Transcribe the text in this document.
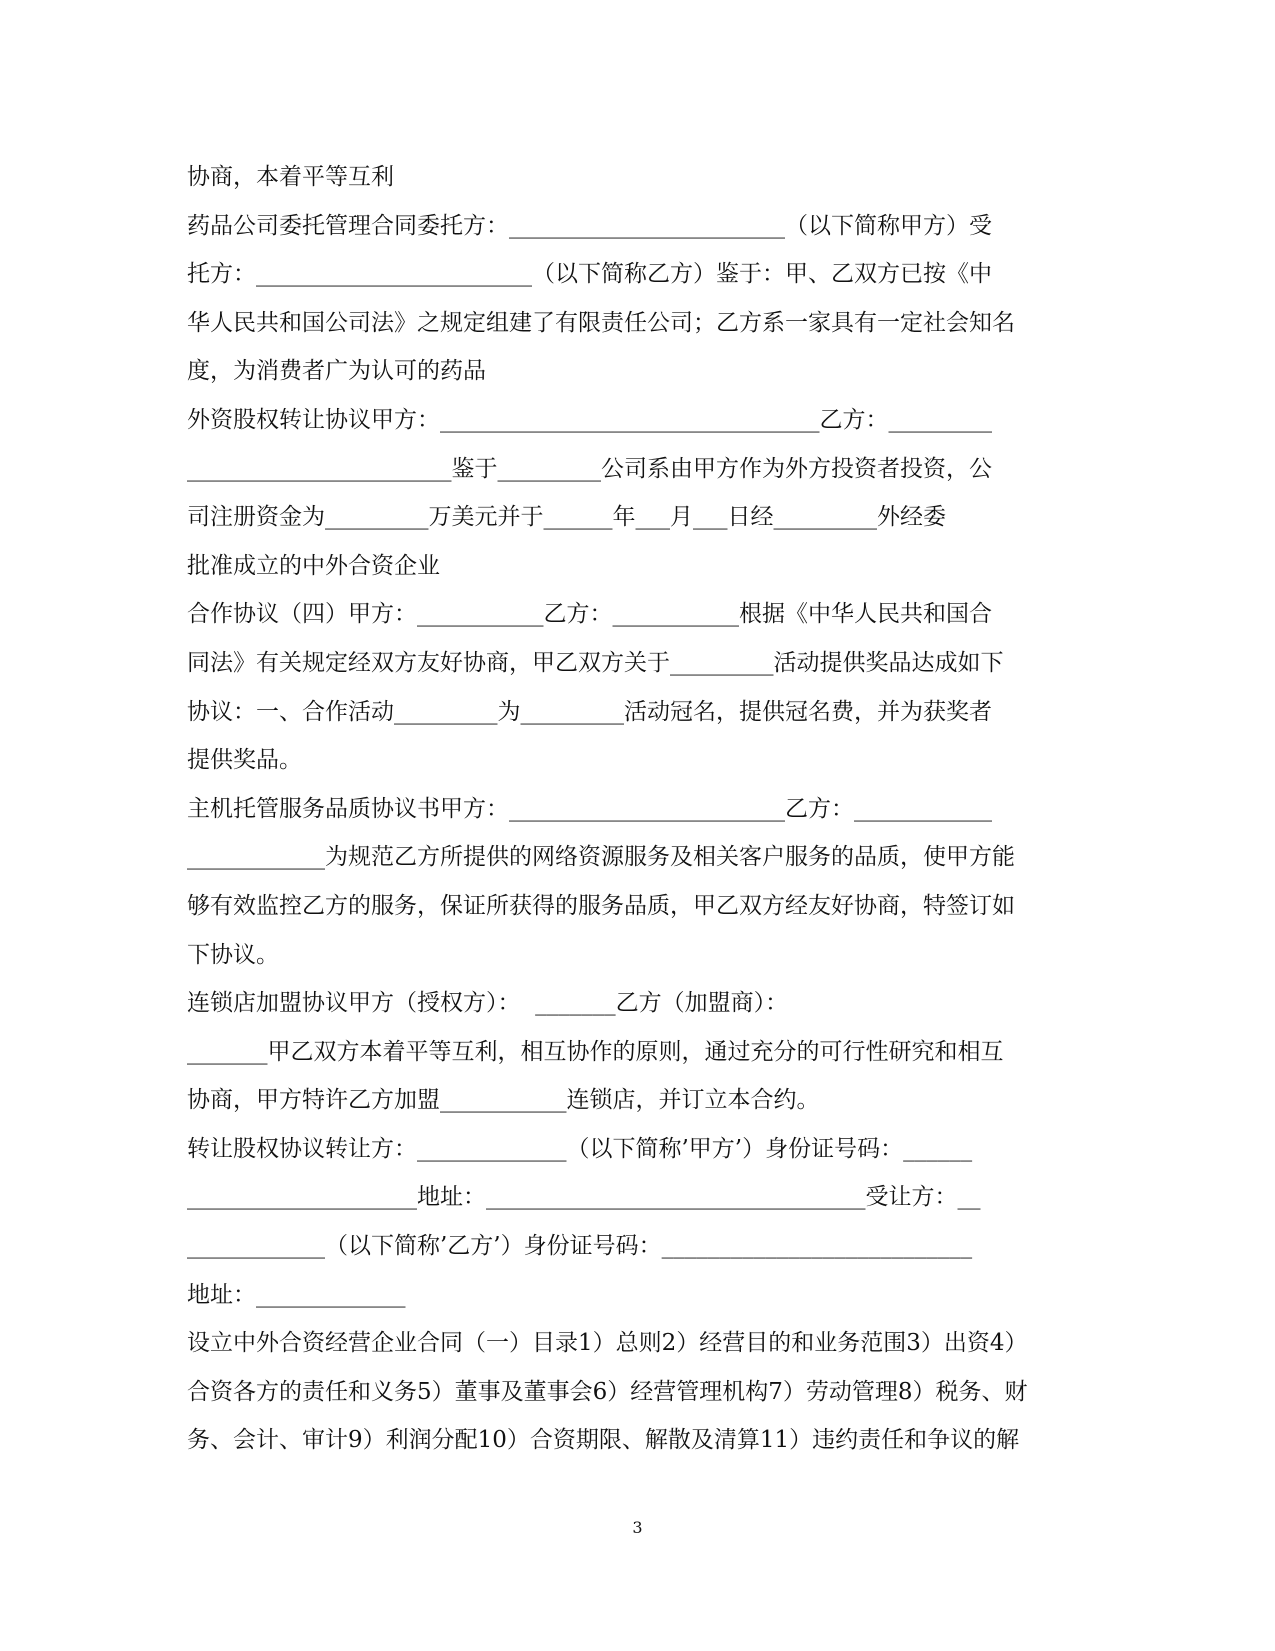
协商，本着平等互利
药品公司委托管理合同委托方：________________________（以下简称甲方）受
托方：________________________（以下简称乙方）鉴于：甲、乙双方已按《中
华人民共和国公司法》之规定组建了有限责任公司；乙方系一家具有一定社会知名
度，为消费者广为认可的药品
外资股权转让协议甲方：_________________________________乙方：_________
_______________________鉴于_________公司系由甲方作为外方投资者投资，公
司注册资金为_________万美元并于______年___月___日经_________外经委
批准成立的中外合资企业
合作协议（四）甲方：___________乙方：___________根据《中华人民共和国合
同法》有关规定经双方友好协商，甲乙双方关于_________活动提供奖品达成如下
协议：一、合作活动_________为_________活动冠名，提供冠名费，并为获奖者
提供奖品。
主机托管服务品质协议书甲方：________________________乙方：____________
____________为规范乙方所提供的网络资源服务及相关客户服务的品质，使甲方能
够有效监控乙方的服务，保证所获得的服务品质，甲乙双方经友好协商，特签订如
下协议。
连锁店加盟协议甲方（授权方）：  _______乙方（加盟商）：
_______甲乙双方本着平等互利，相互协作的原则，通过充分的可行性研究和相互
协商，甲方特许乙方加盟___________连锁店，并订立本合约。
转让股权协议转让方：_____________（以下简称’甲方’）身份证号码：______
____________________地址：_________________________________受让方：__
____________（以下简称’乙方’）身份证号码：___________________________
地址：_____________
设立中外合资经营企业合同（一）目录1）总则2）经营目的和业务范围3）出资4）
合资各方的责任和义务5）董事及董事会6）经营管理机构7）劳动管理8）税务、财
务、会计、审计9）利润分配10）合资期限、解散及清算11）违约责任和争议的解
3
